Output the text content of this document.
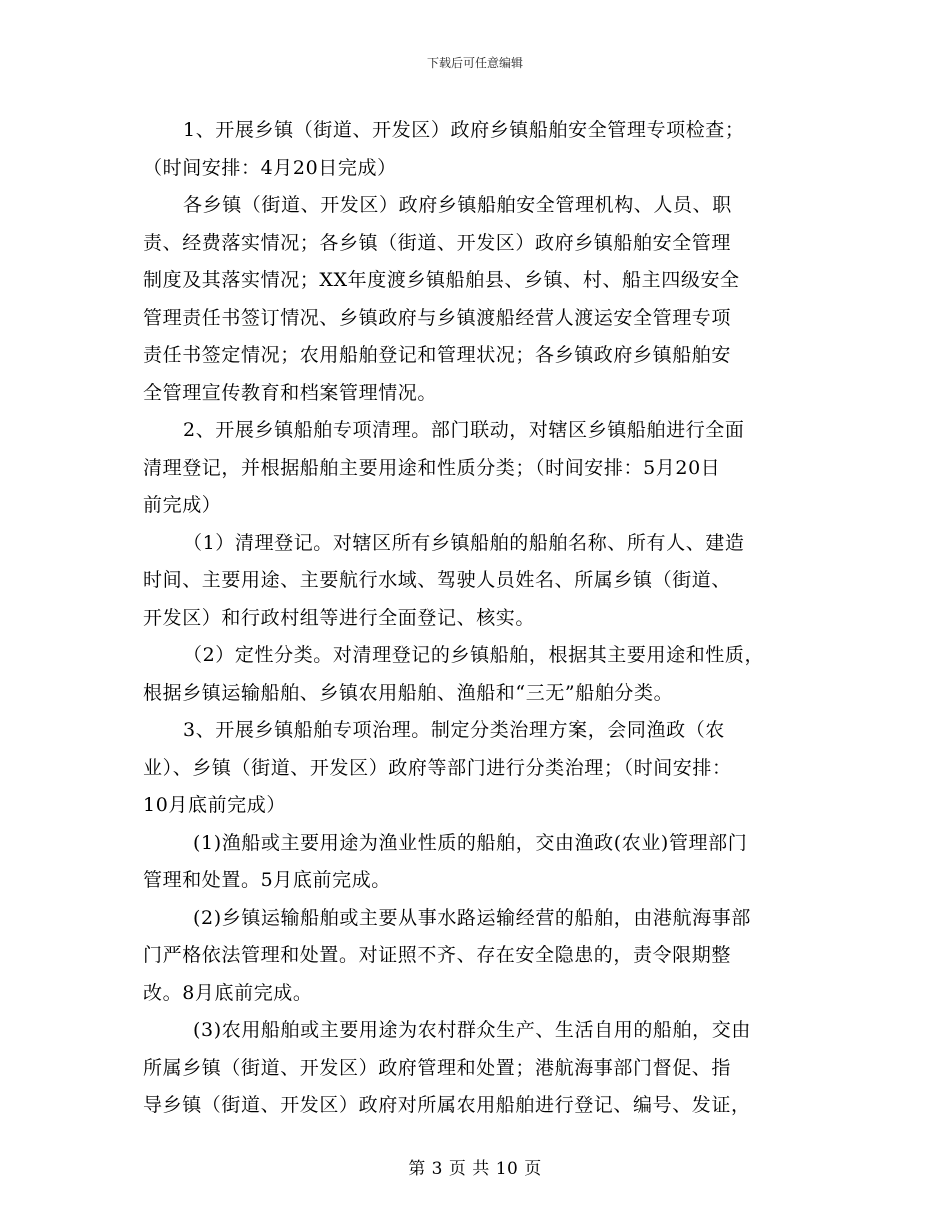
下载后可任意编辑
1、开展乡镇（街道、开发区）政府乡镇船舶安全管理专项检查；
（时间安排：4月20日完成）
各乡镇（街道、开发区）政府乡镇船舶安全管理机构、人员、职
责、经费落实情况；各乡镇（街道、开发区）政府乡镇船舶安全管理
制度及其落实情况；XX年度渡乡镇船舶县、乡镇、村、船主四级安全
管理责任书签订情况、乡镇政府与乡镇渡船经营人渡运安全管理专项
责任书签定情况；农用船舶登记和管理状况；各乡镇政府乡镇船舶安
全管理宣传教育和档案管理情况。
2、开展乡镇船舶专项清理。部门联动，对辖区乡镇船舶进行全面
清理登记，并根据船舶主要用途和性质分类；（时间安排：5月20日
前完成）
（1）清理登记。对辖区所有乡镇船舶的船舶名称、所有人、建造
时间、主要用途、主要航行水域、驾驶人员姓名、所属乡镇（街道、
开发区）和行政村组等进行全面登记、核实。
（2）定性分类。对清理登记的乡镇船舶，根据其主要用途和性质，
根据乡镇运输船舶、乡镇农用船舶、渔船和“三无”船舶分类。
3、开展乡镇船舶专项治理。制定分类治理方案，会同渔政（农
业）、乡镇（街道、开发区）政府等部门进行分类治理；（时间安排：
10月底前完成）
(1)渔船或主要用途为渔业性质的船舶，交由渔政(农业)管理部门
管理和处置。5月底前完成。
(2)乡镇运输船舶或主要从事水路运输经营的船舶，由港航海事部
门严格依法管理和处置。对证照不齐、存在安全隐患的，责令限期整
改。8月底前完成。
(3)农用船舶或主要用途为农村群众生产、生活自用的船舶，交由
所属乡镇（街道、开发区）政府管理和处置；港航海事部门督促、指
导乡镇（街道、开发区）政府对所属农用船舶进行登记、编号、发证，
第 3 页 共 10 页
